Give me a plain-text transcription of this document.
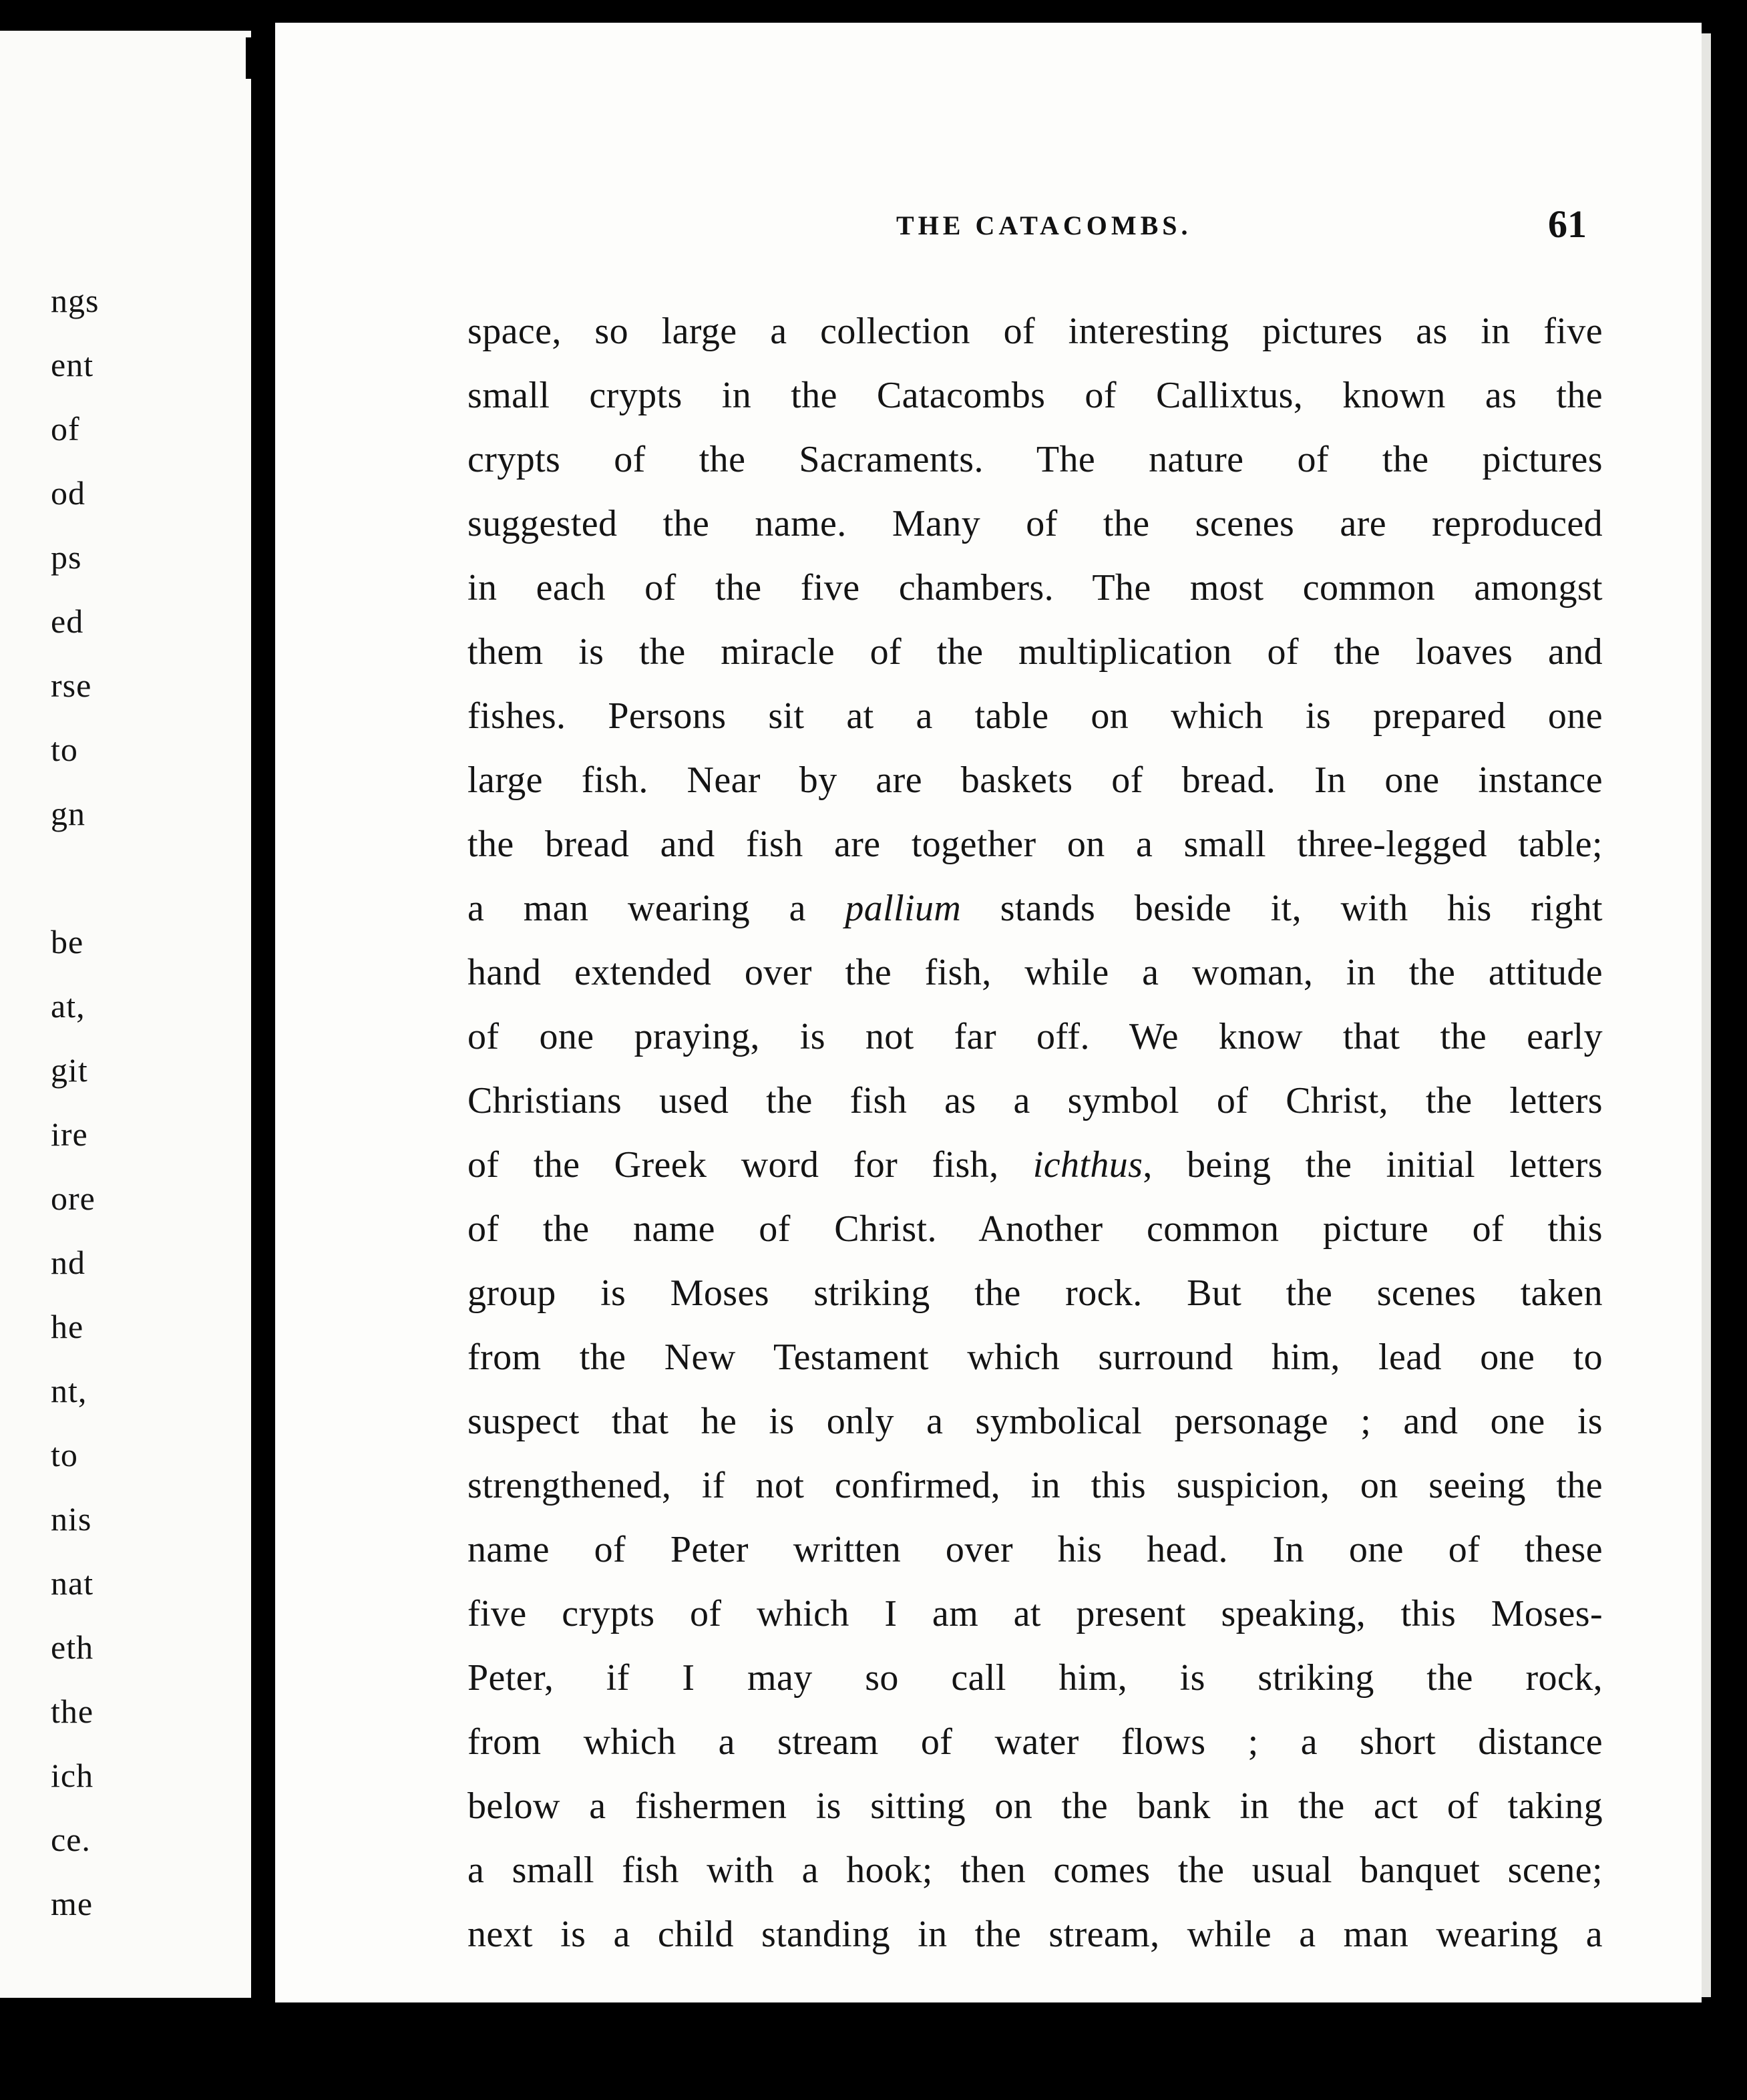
ngs
ent
of
od
ps
ed
rse
to
gn
be
at,
git
ire
ore
nd
he
nt,
to
nis
nat
eth
the
ich
ce.
me
THE CATACOMBS.	61
space, so large a collection of interesting pictures as in five
small crypts in the Catacombs of Callixtus, known as the
crypts of the Sacraments. The nature of the pictures
suggested the name. Many of the scenes are reproduced
in each of the five chambers. The most common amongst
them is the miracle of the multiplication of the loaves and
fishes. Persons sit at a table on which is prepared one
large fish. Near by are baskets of bread. In one instance
the bread and fish are together on a small three-legged table;
a man wearing a pallium stands beside it, with his right
hand extended over the fish, while a woman, in the attitude
of one praying, is not far off. We know that the early
Christians used the fish as a symbol of Christ, the letters
of the Greek word for fish, ichthus, being the initial letters
of the name of Christ. Another common picture of this
group is Moses striking the rock. But the scenes taken
from the New Testament which surround him, lead one to
suspect that he is only a symbolical personage ; and one is
strengthened, if not confirmed, in this suspicion, on seeing the
name of Peter written over his head. In one of these
five crypts of which I am at present speaking, this Moses-
Peter, if I may so call him, is striking the rock,
from which a stream of water flows ; a short distance
below a fishermen is sitting on the bank in the act of taking
a small fish with a hook; then comes the usual banquet scene;
next is a child standing in the stream, while a man wearing a
